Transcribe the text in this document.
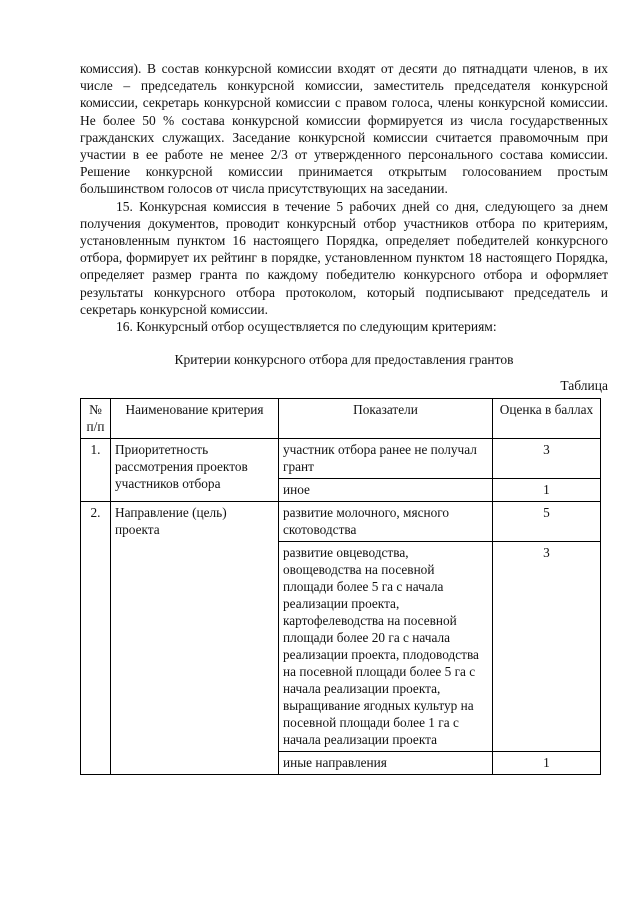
комиссия). В состав конкурсной комиссии входят от десяти до пятнадцати членов, в их числе – председатель конкурсной комиссии, заместитель председателя конкурсной комиссии, секретарь конкурсной комиссии с правом голоса, члены конкурсной комиссии. Не более 50 % состава конкурсной комиссии формируется из числа государственных гражданских служащих. Заседание конкурсной комиссии считается правомочным при участии в ее работе не менее 2/3 от утвержденного персонального состава комиссии. Решение конкурсной комиссии принимается открытым голосованием простым большинством голосов от числа присутствующих на заседании.

15. Конкурсная комиссия в течение 5 рабочих дней со дня, следующего за днем получения документов, проводит конкурсный отбор участников отбора по критериям, установленным пунктом 16 настоящего Порядка, определяет победителей конкурсного отбора, формирует их рейтинг в порядке, установленном пунктом 18 настоящего Порядка, определяет размер гранта по каждому победителю конкурсного отбора и оформляет результаты конкурсного отбора протоколом, который подписывают председатель и секретарь конкурсной комиссии.

16. Конкурсный отбор осуществляется по следующим критериям:

Критерии конкурсного отбора для предоставления грантов

Таблица

№ п/п	Наименование критерия	Показатели	Оценка в баллах
1.	Приоритетность рассмотрения проектов участников отбора	участник отбора ранее не получал грант	3
		иное	1
2.	Направление (цель) проекта	развитие молочного, мясного скотоводства	5
		развитие овцеводства, овощеводства на посевной площади более 5 га с начала реализации проекта, картофелеводства на посевной площади более 20 га с начала реализации проекта, плодоводства на посевной площади более 5 га с начала реализации проекта, выращивание ягодных культур на посевной площади более 1 га с начала реализации проекта	3
		иные направления	1
